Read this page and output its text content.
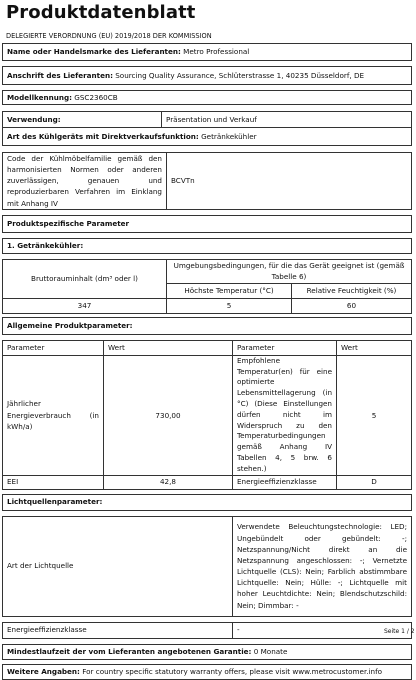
Produktdatenblatt
DELEGIERTE VERORDNUNG (EU) 2019/2018 DER KOMMISSION
Name oder Handelsmarke des Lieferanten: Metro Professional

Anschrift des Lieferanten: Sourcing Quality Assurance, Schlüterstrasse 1, 40235 Düsseldorf, DE

Modellkennung: GSC2360CB
Verwendung:	Präsentation und Verkauf
Art des Kühlgeräts mit Direktverkaufsfunktion: Getränkekühler
Code der Kühlmöbelfamilie gemäß den harmonisierten Normen oder anderen zuverlässigen, genauen und reproduzierbaren Verfahren im Einklang mit Anhang IV	BCVTn
Produktspezifische Parameter		

1. Getränkekühler:		

Bruttorauminhalt (dm³ oder l)	Umgebungsbedingungen, für die das Gerät geeignet ist (gemäß Tabelle 6)	
	Höchste Temperatur (°C)	Relative Feuchtigkeit (%)
347	5	60
Allgemeine Produktparameter:			

Parameter	Wert	Parameter	Wert
Jährlicher Energieverbrauch (in kWh/a)	730,00	Empfohlene Temperatur(en) für eine optimierte Lebensmittellagerung (in °C) (Diese Einstellungen dürfen nicht im Widerspruch zu den Temperaturbedingungen gemäß Anhang IV Tabellen 4, 5 brw. 6 stehen.)	5
EEI	42,8	Energieeffizienzklasse	D
Lichtquellenparameter:	

Art der Lichtquelle	Verwendete Beleuchtungstechnologie: LED; Ungebündelt oder gebündelt: -; Netzspannung/Nicht direkt an die Netzspannung angeschlossen: -; Vernetzte Lichtquelle (CLS): Nein; Farblich abstimmbare Lichtquelle: Nein; Hülle: -; Lichtquelle mit hoher Leuchtdichte: Nein; Blendschutzschild: Nein; Dimmbar: -

Energieeffizienzklasse	-
Mindestlaufzeit der vom Lieferanten angebotenen Garantie: 0 Monate
Weitere Angaben: For country specific statutory warranty offers, please visit www.metrocustomer.info
Seite 1 / 2
